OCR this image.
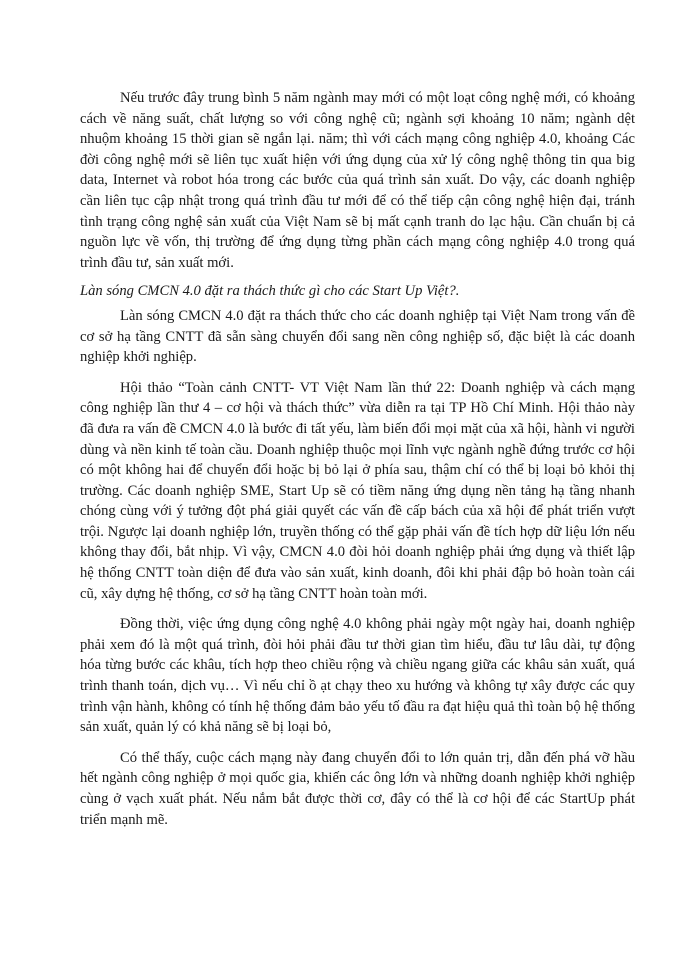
Nếu trước đây trung bình 5 năm ngành may mới có một loạt công nghệ mới, có khoảng cách về năng suất, chất lượng so với công nghệ cũ; ngành sợi khoảng 10 năm; ngành dệt nhuộm khoảng 15 thời gian sẽ ngắn lại. năm; thì với cách mạng công nghiệp 4.0, khoảng Các đời công nghệ mới sẽ liên tục xuất hiện với ứng dụng của xử lý công nghệ thông tin qua big data, Internet và robot hóa trong các bước của quá trình sản xuất. Do vậy, các doanh nghiệp cần liên tục cập nhật trong quá trình đầu tư mới để có thể tiếp cận công nghệ hiện đại, tránh tình trạng công nghệ sản xuất của Việt Nam sẽ bị mất cạnh tranh do lạc hậu. Cần chuẩn bị cả nguồn lực về vốn, thị trường để ứng dụng từng phần cách mạng công nghiệp 4.0 trong quá trình đầu tư, sản xuất mới.

Làn sóng CMCN 4.0 đặt ra thách thức gì cho các Start Up Việt?.

Làn sóng CMCN 4.0 đặt ra thách thức cho các doanh nghiệp tại Việt Nam trong vấn đề cơ sở hạ tầng CNTT đã sẵn sàng chuyển đổi sang nền công nghiệp số, đặc biệt là các doanh nghiệp khởi nghiệp.

Hội thảo “Toàn cảnh CNTT- VT Việt Nam lần thứ 22: Doanh nghiệp và cách mạng công nghiệp lần thư 4 – cơ hội và thách thức” vừa diễn ra tại TP Hồ Chí Minh. Hội thảo này đã đưa ra vấn đề CMCN 4.0 là bước đi tất yếu, làm biến đổi mọi mặt của xã hội, hành vi người dùng và nền kinh tế toàn cầu. Doanh nghiệp thuộc mọi lĩnh vực ngành nghề đứng trước cơ hội có một không hai để chuyển đổi hoặc bị bỏ lại ở phía sau, thậm chí có thể bị loại bỏ khỏi thị trường. Các doanh nghiệp SME, Start Up sẽ có tiềm năng ứng dụng nền tảng hạ tầng nhanh chóng cùng với ý tưởng đột phá giải quyết các vấn đề cấp bách của xã hội để phát triển vượt trội. Ngược lại doanh nghiệp lớn, truyền thống có thể gặp phải vấn đề tích hợp dữ liệu lớn nếu không thay đổi, bắt nhịp. Vì vậy, CMCN 4.0 đòi hỏi doanh nghiệp phải ứng dụng và thiết lập hệ thống CNTT toàn diện để đưa vào sản xuất, kinh doanh, đôi khi phải đập bỏ hoàn toàn cái cũ, xây dựng hệ thống, cơ sở hạ tầng CNTT hoàn toàn mới.

Đồng thời, việc ứng dụng công nghệ 4.0 không phải ngày một ngày hai, doanh nghiệp phải xem đó là một quá trình, đòi hỏi phải đầu tư thời gian tìm hiểu, đầu tư lâu dài, tự động hóa từng bước các khâu, tích hợp theo chiều rộng và chiều ngang giữa các khâu sản xuất, quá trình thanh toán, dịch vụ… Vì nếu chỉ ồ ạt chạy theo xu hướng và không tự xây được các quy trình vận hành, không có tính hệ thống đảm bảo yếu tố đầu ra đạt hiệu quả thì toàn bộ hệ thống sản xuất, quản lý có khả năng sẽ bị loại bỏ,

Có thể thấy, cuộc cách mạng này đang chuyển đổi to lớn quản trị, dẫn đến phá vỡ hầu hết ngành công nghiệp ở mọi quốc gia, khiến các ông lớn và những doanh nghiệp khởi nghiệp cùng ở vạch xuất phát. Nếu nắm bắt được thời cơ, đây có thể là cơ hội để các StartUp phát triển mạnh mẽ.
